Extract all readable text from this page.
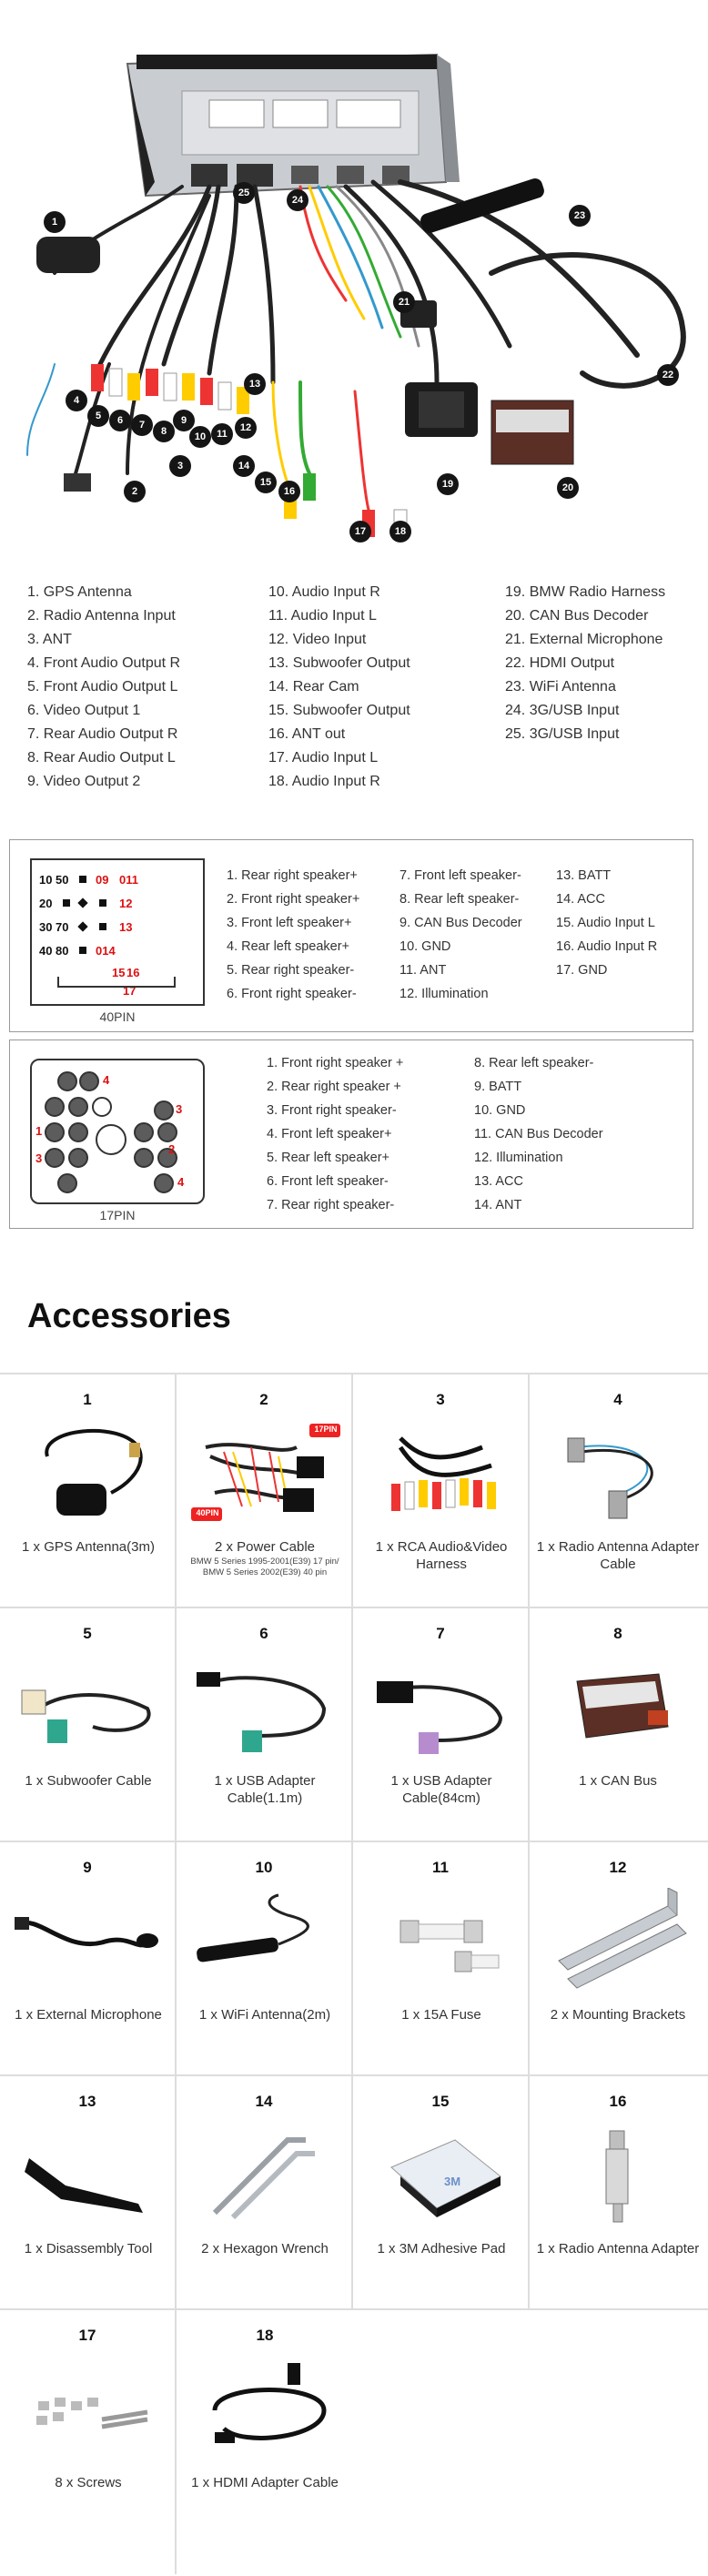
1
2
3
4
5	6	7
8
9
10	11
12
13
14
15
16
17	18
19	20
21
22
23
24
25
1. GPS Antenna
2. Radio Antenna Input
3. ANT
4. Front Audio Output R
5. Front Audio Output L
6. Video Output 1
7. Rear Audio Output R
8. Rear Audio Output L
9. Video Output 2
10. Audio Input R
11. Audio Input L
12. Video Input
13. Subwoofer Output
14. Rear Cam
15. Subwoofer Output
16. ANT out
17. Audio Input L
18. Audio Input R
19. BMW Radio Harness
20. CAN Bus Decoder
21. External Microphone
22. HDMI Output
23. WiFi Antenna
24. 3G/USB Input
25. 3G/USB Input
10 50 09 011
20	12
30 70	13
40 80 014
15 16
17
40PIN
1. Rear right speaker+
2. Front right speaker+
3. Front left speaker+
4. Rear left speaker+
5. Rear right speaker-
6. Front right speaker-
7. Front left speaker-
8. Rear left speaker-
9. CAN Bus Decoder
10. GND
11. ANT
12. Illumination
13. BATT
14. ACC
15. Audio Input L
16. Audio Input R
17. GND
4
3
1
3
2
4
17PIN
1. Front right speaker +
2. Rear right speaker +
3. Front right speaker-
4. Front left speaker+
5. Rear left speaker+
6. Front left speaker-
7. Rear right speaker-
8. Rear left speaker-
9. BATT
10. GND
11. CAN Bus Decoder
12. Illumination
13. ACC
14. ANT
Accessories
1
1 x GPS Antenna(3m)
2
17PIN
40PIN
2 x Power Cable
BMW 5 Series 1995-2001(E39) 17 pin/ BMW 5 Series 2002(E39) 40 pin
3
1 x RCA Audio&Video Harness
4
1 x Radio Antenna Adapter Cable
5
1 x Subwoofer Cable
6
1 x USB Adapter Cable(1.1m)
7
1 x USB Adapter Cable(84cm)
8
1 x CAN Bus
9
1 x External Microphone
10
1 x WiFi Antenna(2m)
11
1 x 15A Fuse
12
2 x Mounting Brackets
13
1 x Disassembly Tool
14
2 x Hexagon Wrench
15
3M
1 x 3M Adhesive Pad
16
1 x Radio Antenna Adapter
17
8 x Screws
18
1 x HDMI Adapter Cable
